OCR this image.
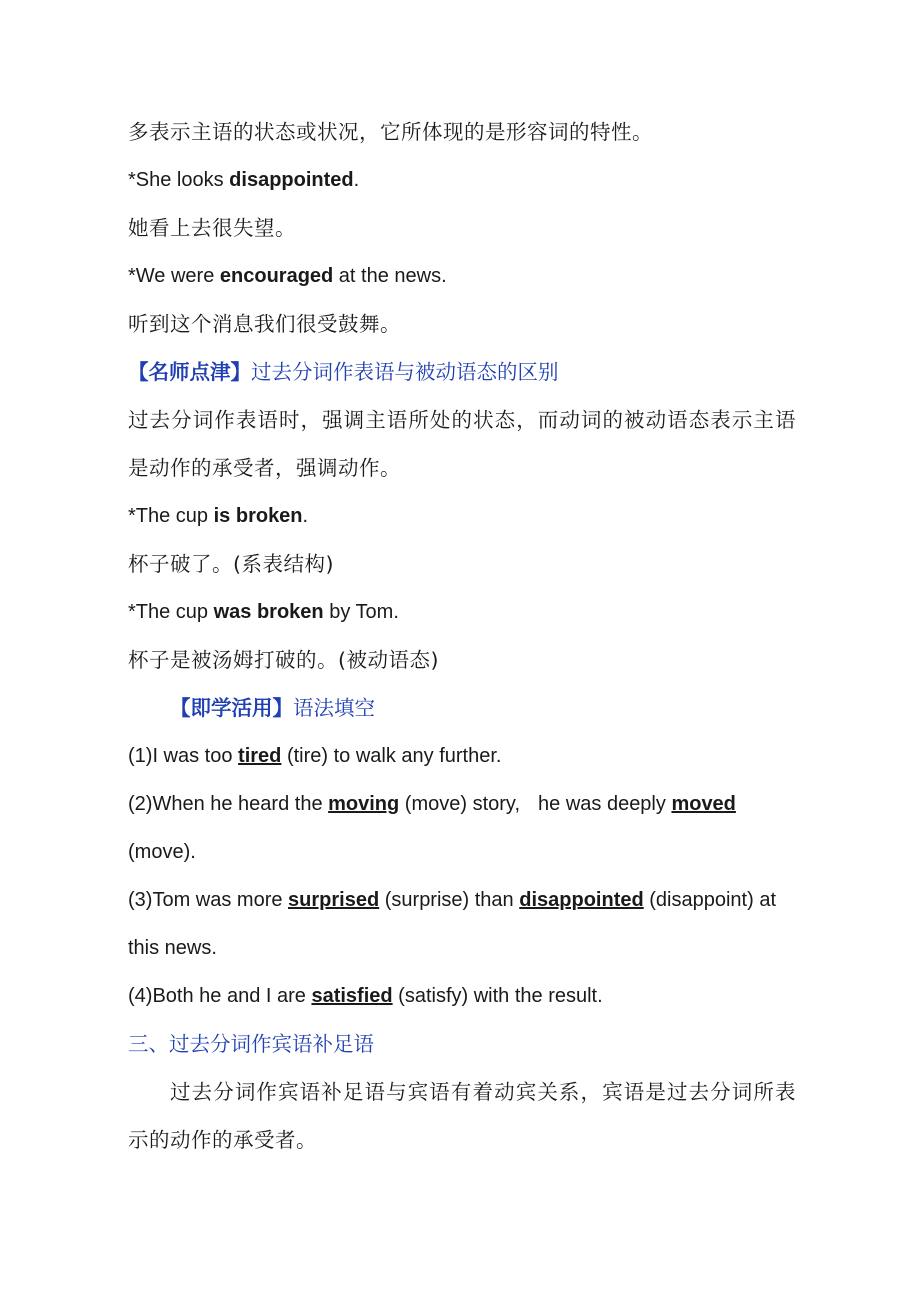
多表示主语的状态或状况，它所体现的是形容词的特性。
*She looks disappointed.
她看上去很失望。
*We were encouraged at the news.
听到这个消息我们很受鼓舞。
【名师点津】过去分词作表语与被动语态的区别
过去分词作表语时，强调主语所处的状态，而动词的被动语态表示主语是动作的承受者，强调动作。
*The cup is broken.
杯子破了。(系表结构)
*The cup was broken by Tom.
杯子是被汤姆打破的。(被动语态)
【即学活用】语法填空
(1)I was too tired (tire) to walk any further.
(2)When he heard the moving (move) story, he was deeply moved
(move).
(3)Tom was more surprised (surprise) than disappointed (disappoint) at
this news.
(4)Both he and I are satisfied (satisfy) with the result.
三、过去分词作宾语补足语
过去分词作宾语补足语与宾语有着动宾关系，宾语是过去分词所表示的动作的承受者。
